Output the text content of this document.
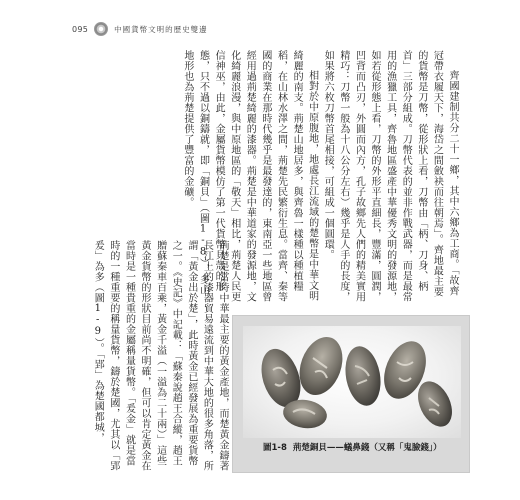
095	中國貨幣文明的歷史雙邊

齊國建制共分二十一鄉，其中六鄉為工商。「故齊冠帶衣履天下，海岱之間斂袂而往朝焉」。齊地最主要的貨幣是刀幣，從形狀上看，刀幣由「柄、刀身、柄首」三部分組成。刀幣代表的並非作戰武器，而是最常用的漁獵工具，齊魯地區盛產中華優秀文明的發源地，如若從形態上看，刀幣的外形平直細長，豐滿，圓潤，凹背而凸刃，外圓而內方，孔子故鄉先人們的精美實用精巧：刀幣一般為十八公分左右）幾乎是人手的長度，如果將六枚刀幣首尾相接，可組成一個圓環。

相對於中原腹地，地處長江流域的楚幣是中華文明綺麗的南支。荊楚山地居多，與齊魯一樣種以種植糧稻，在山林水澤之間，荊楚先民繁衍生息。當齊、秦等國的商業在那時代幾乎是最發達的，東南亞一些地區曾經用過荊楚綺麗的漆器。荊楚是中華道家的發源地，文化綺麗浪漫，與中原地區的「敬天」相比，荊楚人民更信神巫，由此，金屬貨幣模仿了第一代貨幣貝殼的形態，只不過以銅鑄就，即「銅貝」（圖1-8），多山地形也為荊楚提供了豐富的金礦。

荊楚是當時中華最主要的黃金產地，而楚黃金鑄著長江上的漆器貿易遠流到中華大地的很多角落，所謂「黃金出於楚」，此時黃金已經發展為重要貨幣之一。《史記》中記載：「蘇秦說趙王合縱，趙王贈蘇秦車百乘，黃金千溢（一溢為二十兩）」這些黃金貨幣的形狀目前尚不明確，但可以肯定黃金在當時是一種貴重的金屬稱量貨幣。「爰金」就是當時的一種重要的稱量貨幣，鑄於楚國，尤其以「郢爰」為多（圖1-9）。「郢」為楚國都城，

圖1-8 荊楚銅貝——蟻鼻錢（又稱「鬼臉錢」）
